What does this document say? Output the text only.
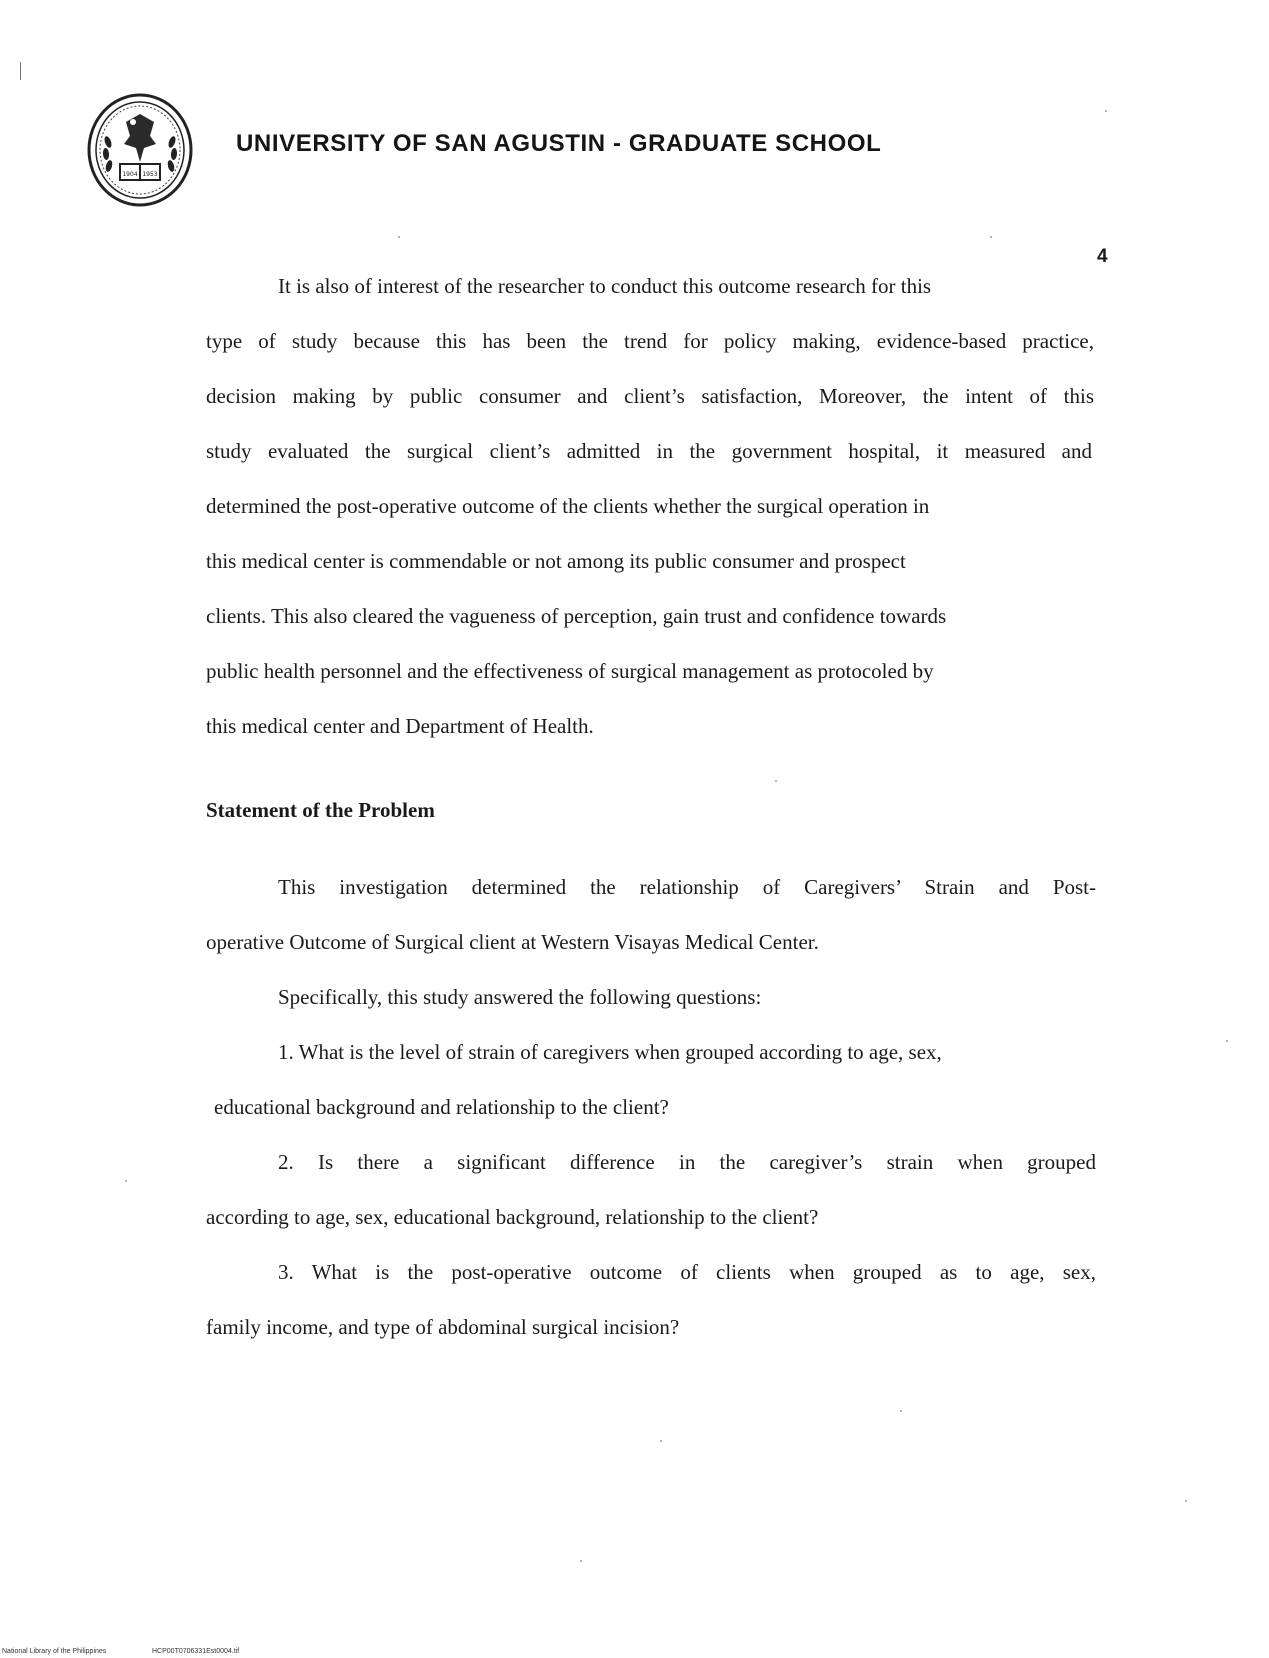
1904 1953
UNIVERSITY OF SAN AGUSTIN - GRADUATE SCHOOL
4
It is also of interest of the researcher to conduct this outcome research for this
type of study because this has been the trend for policy making, evidence-based practice,
decision making by public consumer and client’s satisfaction, Moreover, the intent of this
study evaluated the surgical client’s admitted in the government hospital, it measured and
determined the post-operative outcome of the clients whether the surgical operation in
this medical center is commendable or not among its public consumer and prospect
clients. This also cleared the vagueness of perception, gain trust and confidence towards
public health personnel and the effectiveness of surgical management as protocoled by
this medical center and Department of Health.
Statement of the Problem
This investigation determined the relationship of Caregivers’ Strain and Post-
operative Outcome of Surgical client at Western Visayas Medical Center.
Specifically, this study answered the following questions:
1. What is the level of strain of caregivers when grouped according to age, sex,
educational background and relationship to the client?
2. Is there a significant difference in the caregiver’s strain when grouped
according to age, sex, educational background, relationship to the client?
3. What is the post-operative outcome of clients when grouped as to age, sex,
family income, and type of abdominal surgical incision?
National Library of the Philippines	HCP00T0706331Est0004.tif
